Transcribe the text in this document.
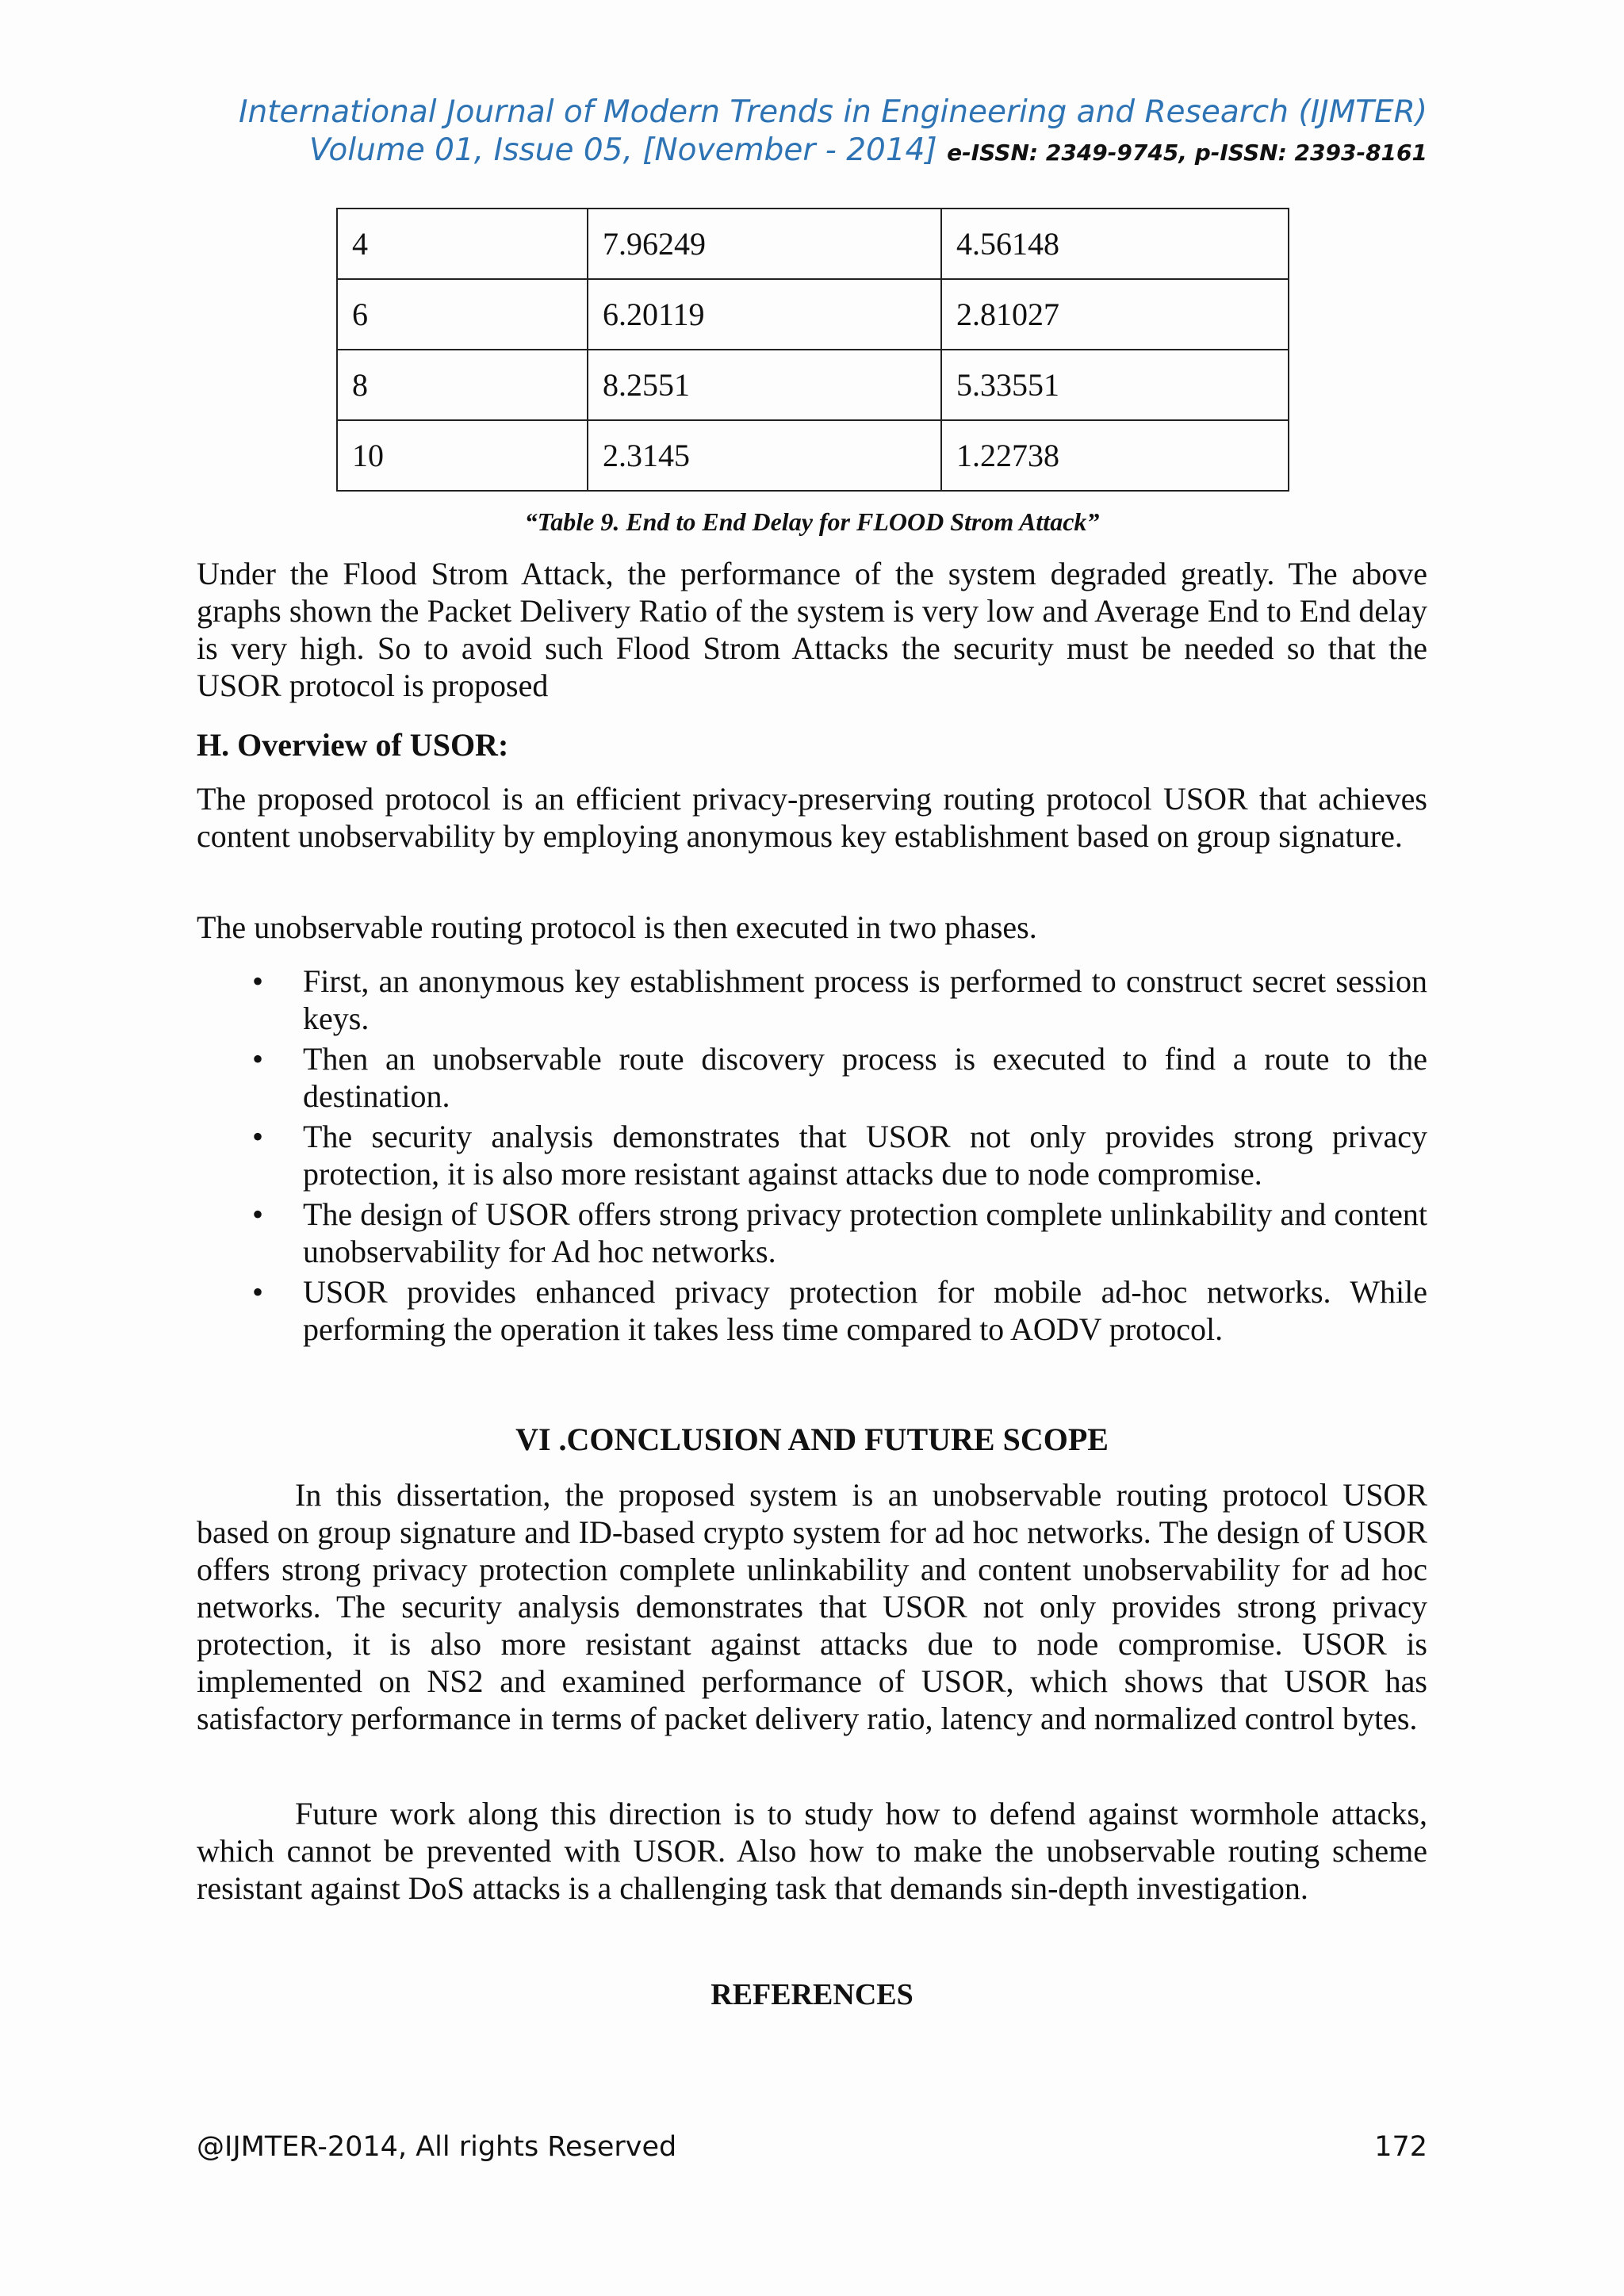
International Journal of Modern Trends in Engineering and Research (IJMTER)
Volume 01, Issue 05, [November - 2014] e-ISSN: 2349-9745, p-ISSN: 2393-8161
4	7.96249	4.56148
6	6.20119	2.81027
8	8.2551	5.33551
10	2.3145	1.22738
“Table 9. End to End Delay for FLOOD Strom Attack”

Under the Flood Strom Attack, the performance of the system degraded greatly. The above graphs shown the Packet Delivery Ratio of the system is very low and Average End to End delay is very high. So to avoid such Flood Strom Attacks the security must be needed so that the USOR protocol is proposed

H. Overview of USOR:

The proposed protocol is an efficient privacy-preserving routing protocol USOR that achieves content unobservability by employing anonymous key establishment based on group signature.

The unobservable routing protocol is then executed in two phases.

• First, an anonymous key establishment process is performed to construct secret session keys.
• Then an unobservable route discovery process is executed to find a route to the destination.
• The security analysis demonstrates that USOR not only provides strong privacy protection, it is also more resistant against attacks due to node compromise.
• The design of USOR offers strong privacy protection complete unlinkability and content unobservability for Ad hoc networks.
• USOR provides enhanced privacy protection for mobile ad-hoc networks. While performing the operation it takes less time compared to AODV protocol.

VI .CONCLUSION AND FUTURE SCOPE

In this dissertation, the proposed system is an unobservable routing protocol USOR based on group signature and ID-based crypto system for ad hoc networks. The design of USOR offers strong privacy protection complete unlinkability and content unobservability for ad hoc networks. The security analysis demonstrates that USOR not only provides strong privacy protection, it is also more resistant against attacks due to node compromise. USOR is implemented on NS2 and examined performance of USOR, which shows that USOR has satisfactory performance in terms of packet delivery ratio, latency and normalized control bytes.

Future work along this direction is to study how to defend against wormhole attacks, which cannot be prevented with USOR. Also how to make the unobservable routing scheme resistant against DoS attacks is a challenging task that demands sin-depth investigation.

REFERENCES

@IJMTER-2014, All rights Reserved	172
